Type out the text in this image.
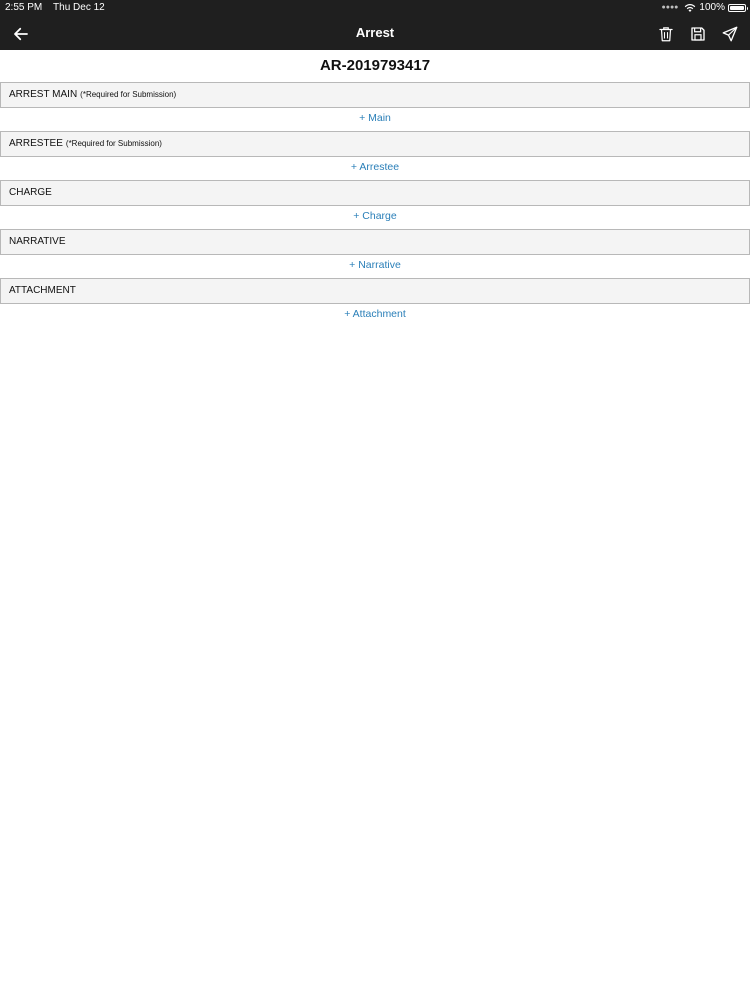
2:55 PM Thu Dec 12	●●●● 100%
Arrest
AR-2019793417
ARREST MAIN (*Required for Submission)
+ Main
ARRESTEE (*Required for Submission)
+ Arrestee
CHARGE
+ Charge
NARRATIVE
+ Narrative
ATTACHMENT
+ Attachment
